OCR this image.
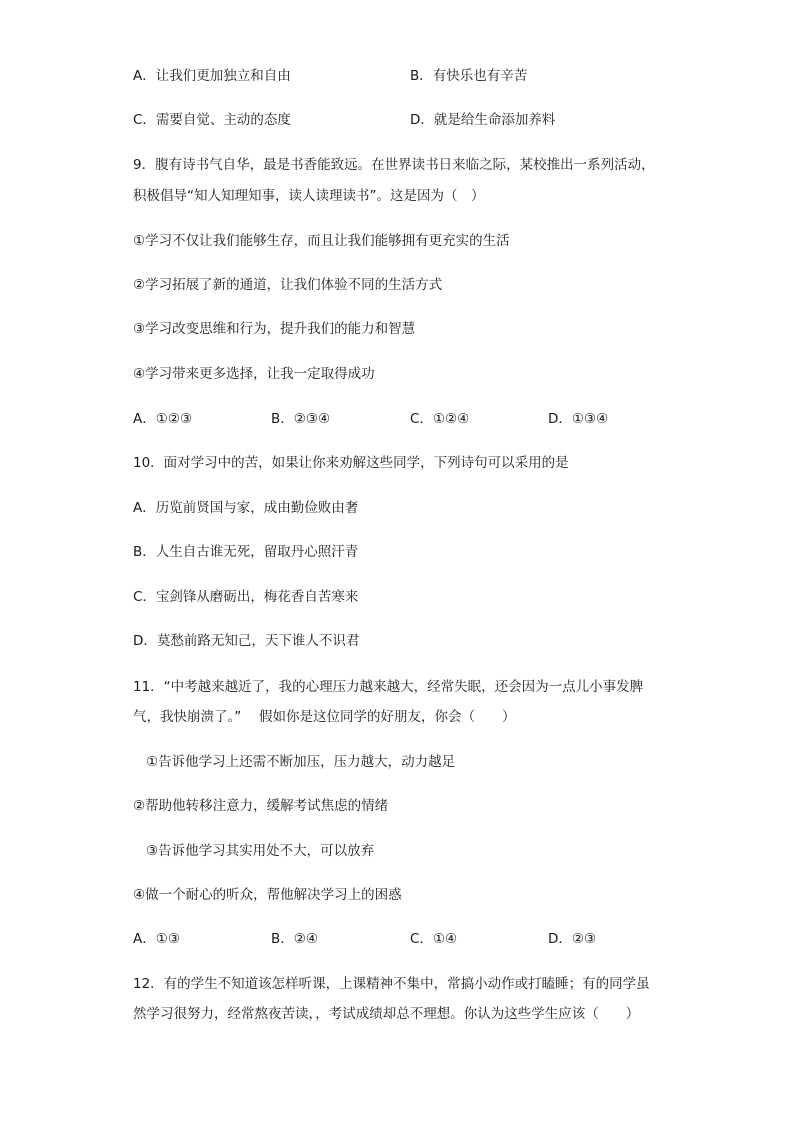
A．让我们更加独立和自由	B．有快乐也有辛苦
C．需要自觉、主动的态度	D．就是给生命添加养料
9．腹有诗书气自华，最是书香能致远。在世界读书日来临之际，某校推出一系列活动，
积极倡导“知人知理知事，读人读理读书”。这是因为（　）
①学习不仅让我们能够生存，而且让我们能够拥有更充实的生活
②学习拓展了新的通道，让我们体验不同的生活方式
③学习改变思维和行为，提升我们的能力和智慧
④学习带来更多选择，让我一定取得成功
A．①②③	B．②③④	C．①②④	D．①③④
10．面对学习中的苦，如果让你来劝解这些同学，下列诗句可以采用的是
A．历览前贤国与家，成由勤俭败由奢
B．人生自古谁无死，留取丹心照汗青
C．宝剑锋从磨砺出，梅花香自苦寒来
D．莫愁前路无知己，天下谁人不识君
11．“中考越来越近了，我的心理压力越来越大，经常失眠，还会因为一点儿小事发脾
气，我快崩溃了。”　 假如你是这位同学的好朋友，你会（　　）
①告诉他学习上还需不断加压，压力越大，动力越足
②帮助他转移注意力，缓解考试焦虑的情绪
③告诉他学习其实用处不大，可以放弃
④做一个耐心的听众，帮他解决学习上的困惑
A．①③	B．②④	C．①④	D．②③
12．有的学生不知道该怎样听课，上课精神不集中，常搞小动作或打瞌睡；有的同学虽
然学习很努力，经常熬夜苦读，，考试成绩却总不理想。你认为这些学生应该（　　）
